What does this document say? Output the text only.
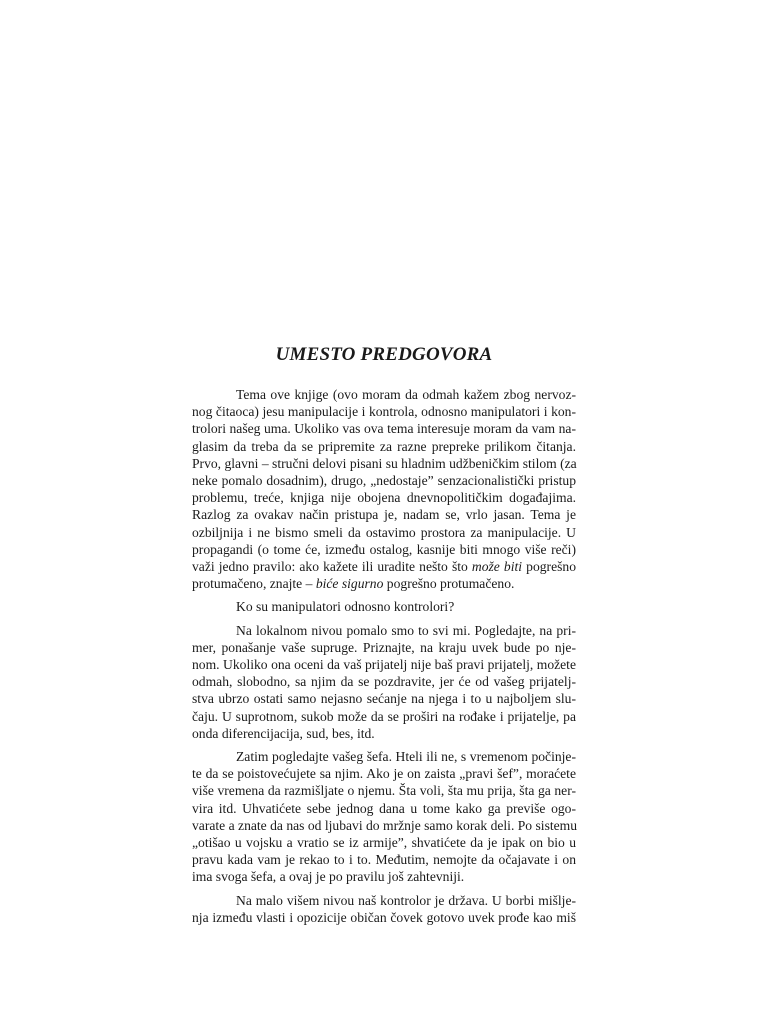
UMESTO PREDGOVORA
Tema ove knjige (ovo moram da odmah kažem zbog nervoz-
nog čitaoca) jesu manipulacije i kontrola, odnosno manipulatori i kon-
trolori našeg uma. Ukoliko vas ova tema interesuje moram da vam na-
glasim da treba da se pripremite za razne prepreke prilikom čitanja.
Prvo, glavni – stručni delovi pisani su hladnim udžbeničkim stilom (za
neke pomalo dosadnim), drugo, „nedostaje” senzacionalistički pristup
problemu, treće, knjiga nije obojena dnevnopolitičkim događajima.
Razlog za ovakav način pristupa je, nadam se, vrlo jasan. Tema je
ozbiljnija i ne bismo smeli da ostavimo prostora za manipulacije. U
propagandi (o tome će, između ostalog, kasnije biti mnogo više reči)
važi jedno pravilo: ako kažete ili uradite nešto što može biti pogrešno
protumačeno, znajte – biće sigurno pogrešno protumačeno.
Ko su manipulatori odnosno kontrolori?
Na lokalnom nivou pomalo smo to svi mi. Pogledajte, na pri-
mer, ponašanje vaše supruge. Priznajte, na kraju uvek bude po nje-
nom. Ukoliko ona oceni da vaš prijatelj nije baš pravi prijatelj, možete
odmah, slobodno, sa njim da se pozdravite, jer će od vašeg prijatelj-
stva ubrzo ostati samo nejasno sećanje na njega i to u najboljem slu-
čaju. U suprotnom, sukob može da se proširi na rođake i prijatelje, pa
onda diferencijacija, sud, bes, itd.
Zatim pogledajte vašeg šefa. Hteli ili ne, s vremenom počinje-
te da se poistovećujete sa njim. Ako je on zaista „pravi šef”, moraćete
više vremena da razmišljate o njemu. Šta voli, šta mu prija, šta ga ner-
vira itd. Uhvatićete sebe jednog dana u tome kako ga previše ogo-
varate a znate da nas od ljubavi do mržnje samo korak deli. Po sistemu
„otišao u vojsku a vratio se iz armije”, shvatićete da je ipak on bio u
pravu kada vam je rekao to i to. Međutim, nemojte da očajavate i on
ima svoga šefa, a ovaj je po pravilu još zahtevniji.
Na malo višem nivou naš kontrolor je država. U borbi mišlje-
nja između vlasti i opozicije običan čovek gotovo uvek prođe kao miš
